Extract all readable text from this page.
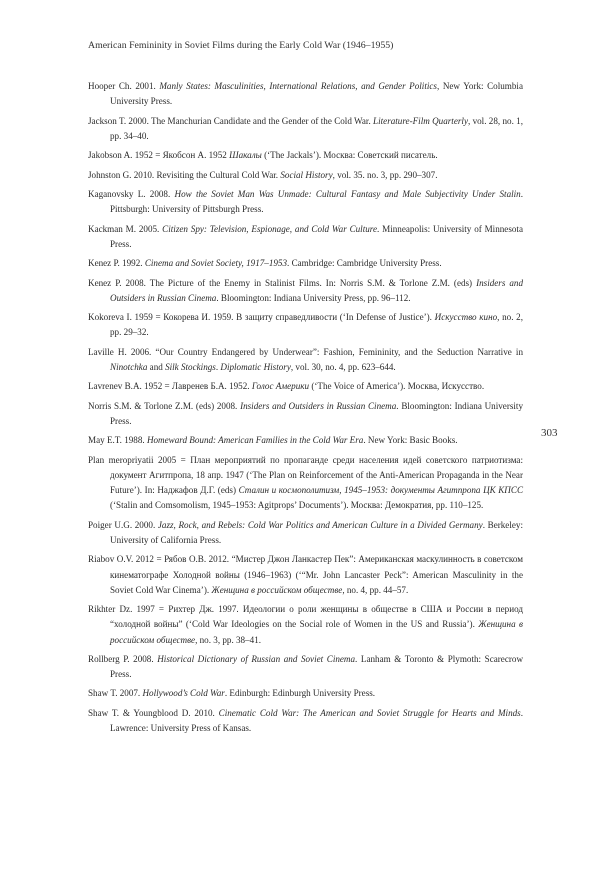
American Femininity in Soviet Films during the Early Cold War (1946–1955)
303

Hooper Ch. 2001. Manly States: Masculinities, International Relations, and Gender Politics, New York: Columbia University Press.

Jackson T. 2000. The Manchurian Candidate and the Gender of the Cold War. Literature-Film Quarterly, vol. 28, no. 1, pp. 34–40.

Jakobson A. 1952 = Якобсон А. 1952 Шакалы (‘The Jackals’). Москва: Советский писатель.

Johnston G. 2010. Revisiting the Cultural Cold War. Social History, vol. 35. no. 3, pp. 290–307.

Kaganovsky L. 2008. How the Soviet Man Was Unmade: Cultural Fantasy and Male Subjectivity Under Stalin. Pittsburgh: University of Pittsburgh Press.

Kackman M. 2005. Citizen Spy: Television, Espionage, and Cold War Culture. Minneapolis: University of Minnesota Press.

Kenez P. 1992. Cinema and Soviet Society, 1917–1953. Cambridge: Cambridge University Press.

Kenez P. 2008. The Picture of the Enemy in Stalinist Films. In: Norris S.M. & Torlone Z.M. (eds) Insiders and Outsiders in Russian Cinema. Bloomington: Indiana University Press, pp. 96–112.

Kokoreva I. 1959 = Кокорева И. 1959. В защиту справедливости (‘In Defense of Justice’). Искусство кино, no. 2, pp. 29–32.

Laville H. 2006. “Our Country Endangered by Underwear”: Fashion, Femininity, and the Seduction Narrative in Ninotchka and Silk Stockings. Diplomatic History, vol. 30, no. 4, pp. 623–644.

Lavrenev B.A. 1952 = Лавренев Б.А. 1952. Голос Америки (‘The Voice of America’). Москва, Искусство.

Norris S.M. & Torlone Z.M. (eds) 2008. Insiders and Outsiders in Russian Cinema. Bloomington: Indiana University Press.

May E.T. 1988. Homeward Bound: American Families in the Cold War Era. New York: Basic Books.

Plan meropriyatii 2005 = План мероприятий по пропаганде среди населения идей советского патриотизма: документ Агитпропа, 18 апр. 1947 (‘The Plan on Reinforcement of the Anti-American Propaganda in the Near Future’). In: Наджафов Д.Г. (eds) Сталин и космополитизм, 1945–1953: документы Агитпропа ЦК КПСС (‘Stalin and Comsomolism, 1945–1953: Agitprops’ Documents’). Москва: Демократия, pp. 110–125.

Poiger U.G. 2000. Jazz, Rock, and Rebels: Cold War Politics and American Culture in a Divided Germany. Berkeley: University of California Press.

Riabov O.V. 2012 = Рябов О.В. 2012. “Мистер Джон Ланкастер Пек”: Американская маскулинность в советском кинематографе Холодной войны (1946–1963) (‘“Mr. John Lancaster Peck”: American Masculinity in the Soviet Cold War Cinema’). Женщина в российском обществе, no. 4, pp. 44–57.

Rikhter Dz. 1997 = Рихтер Дж. 1997. Идеологии о роли женщины в обществе в США и России в период “холодной войны” (‘Cold War Ideologies on the Social role of Women in the US and Russia’). Женщина в российском обществе, no. 3, pp. 38–41.

Rollberg P. 2008. Historical Dictionary of Russian and Soviet Cinema. Lanham & Toronto & Plymoth: Scarecrow Press.

Shaw T. 2007. Hollywood’s Cold War. Edinburgh: Edinburgh University Press.

Shaw T. & Youngblood D. 2010. Cinematic Cold War: The American and Soviet Struggle for Hearts and Minds. Lawrence: University Press of Kansas.
